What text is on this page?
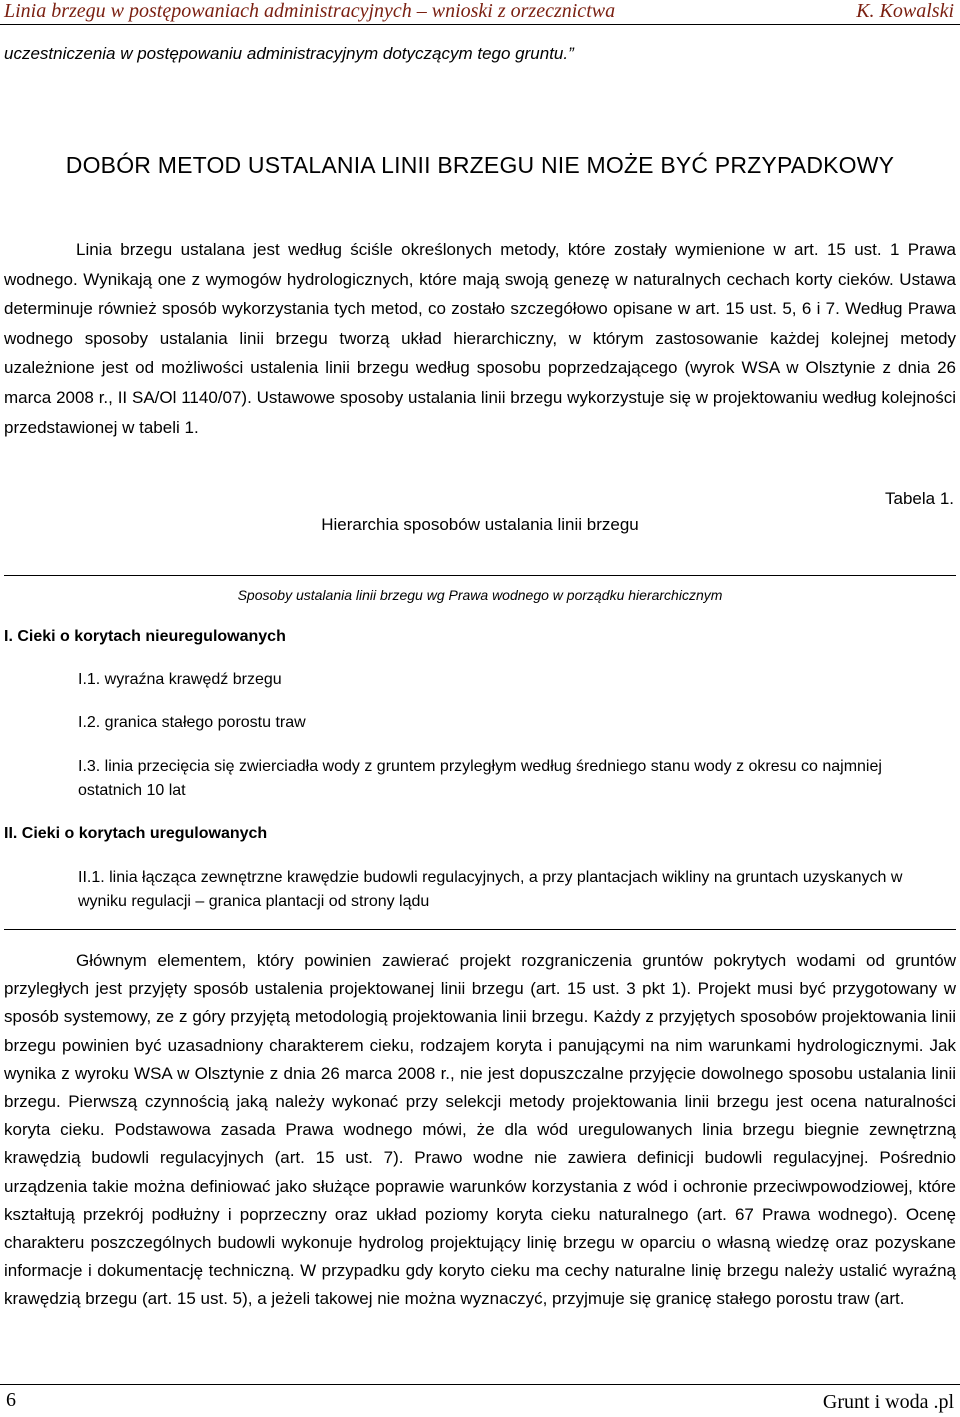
Linia brzegu w postępowaniach administracyjnych – wnioski z orzecznictwa	K. Kowalski
uczestniczenia w postępowaniu administracyjnym dotyczącym tego gruntu.”
DOBÓR METOD USTALANIA LINII BRZEGU NIE MOŻE BYĆ PRZYPADKOWY
Linia brzegu ustalana jest według ściśle określonych metody, które zostały wymienione w art. 15 ust. 1 Prawa wodnego. Wynikają one z wymogów hydrologicznych, które mają swoją genezę w naturalnych cechach korty cieków. Ustawa determinuje również sposób wykorzystania tych metod, co zostało szczegółowo opisane w art. 15 ust. 5, 6 i 7. Według Prawa wodnego sposoby ustalania linii brzegu tworzą układ hierarchiczny, w którym zastosowanie każdej kolejnej metody uzależnione jest od możliwości ustalenia linii brzegu według sposobu poprzedzającego (wyrok WSA w Olsztynie z dnia 26 marca 2008 r., II SA/Ol 1140/07). Ustawowe sposoby ustalania linii brzegu wykorzystuje się w projektowaniu według kolejności przedstawionej w tabeli 1.
Tabela 1.
Hierarchia sposobów ustalania linii brzegu
Sposoby ustalania linii brzegu wg Prawa wodnego w porządku hierarchicznym
I. Cieki o korytach nieuregulowanych
I.1. wyraźna krawędź brzegu
I.2. granica stałego porostu traw
I.3. linia przecięcia się zwierciadła wody z gruntem przyległym według średniego stanu wody z okresu co najmniej ostatnich 10 lat
II. Cieki o korytach uregulowanych
II.1. linia łącząca zewnętrzne krawędzie budowli regulacyjnych, a przy plantacjach wikliny na gruntach uzyskanych w wyniku regulacji – granica plantacji od strony lądu
Głównym elementem, który powinien zawierać projekt rozgraniczenia gruntów pokrytych wodami od gruntów przyległych jest przyjęty sposób ustalenia projektowanej linii brzegu (art. 15 ust. 3 pkt 1). Projekt musi być przygotowany w sposób systemowy, ze z góry przyjętą metodologią projektowania linii brzegu. Każdy z przyjętych sposobów projektowania linii brzegu powinien być uzasadniony charakterem cieku, rodzajem koryta i panującymi na nim warunkami hydrologicznymi. Jak wynika z wyroku WSA w Olsztynie z dnia 26 marca 2008 r., nie jest dopuszczalne przyjęcie dowolnego sposobu ustalania linii brzegu. Pierwszą czynnością jaką należy wykonać przy selekcji metody projektowania linii brzegu jest ocena naturalności koryta cieku. Podstawowa zasada Prawa wodnego mówi, że dla wód uregulowanych linia brzegu biegnie zewnętrzną krawędzią budowli regulacyjnych (art. 15 ust. 7). Prawo wodne nie zawiera definicji budowli regulacyjnej. Pośrednio urządzenia takie można definiować jako służące poprawie warunków korzystania z wód i ochronie przeciwpowodziowej, które kształtują przekrój podłużny i poprzeczny oraz układ poziomy koryta cieku naturalnego (art. 67 Prawa wodnego). Ocenę charakteru poszczególnych budowli wykonuje hydrolog projektujący linię brzegu w oparciu o własną wiedzę oraz pozyskane informacje i dokumentację techniczną. W przypadku gdy koryto cieku ma cechy naturalne linię brzegu należy ustalić wyraźną krawędzią brzegu (art. 15 ust. 5), a jeżeli takowej nie można wyznaczyć, przyjmuje się granicę stałego porostu traw (art.
6	Grunt i woda .pl
